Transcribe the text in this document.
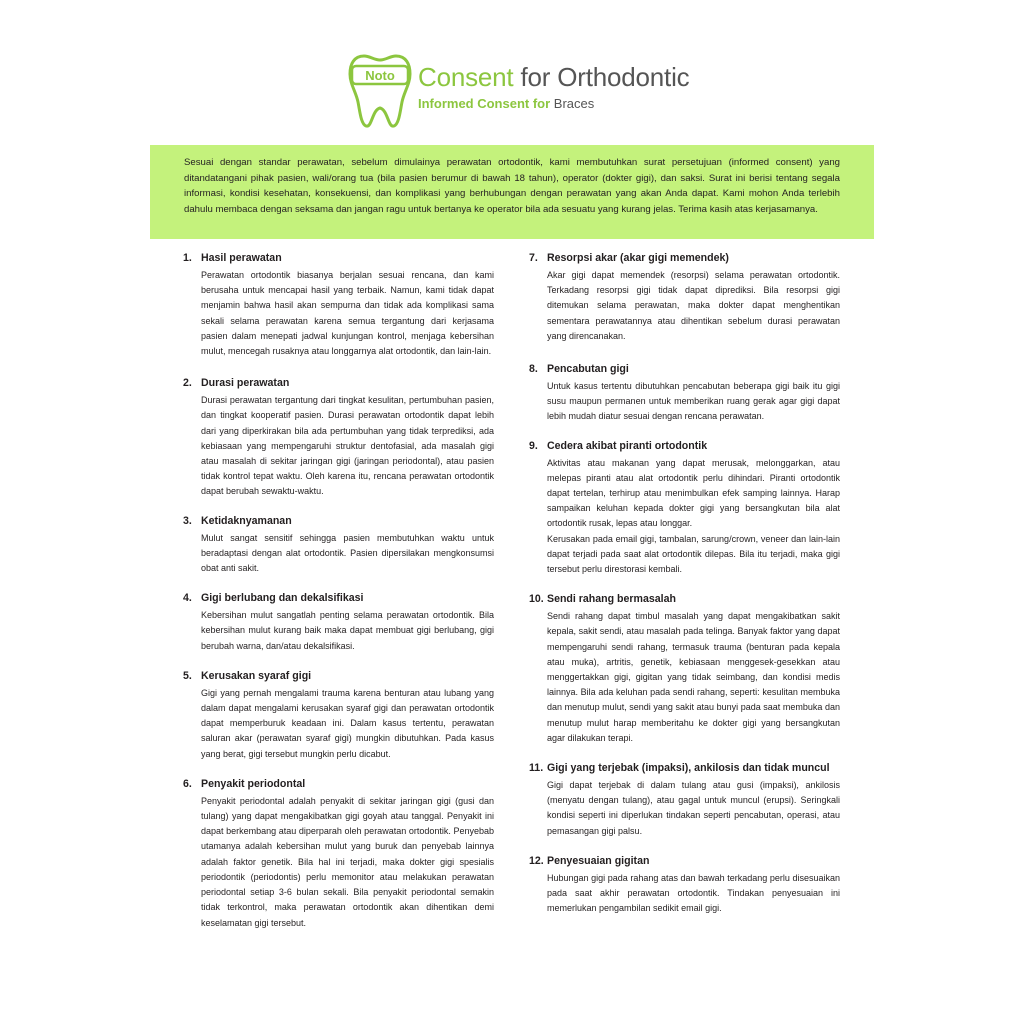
Noto Consent for Orthodontic
Informed Consent for Braces
Sesuai dengan standar perawatan, sebelum dimulainya perawatan ortodontik, kami membutuhkan surat persetujuan (informed consent) yang ditandatangani pihak pasien, wali/orang tua (bila pasien berumur di bawah 18 tahun), operator (dokter gigi), dan saksi. Surat ini berisi tentang segala informasi, kondisi kesehatan, konsekuensi, dan komplikasi yang berhubungan dengan perawatan yang akan Anda dapat. Kami mohon Anda terlebih dahulu membaca dengan seksama dan jangan ragu untuk bertanya ke operator bila ada sesuatu yang kurang jelas. Terima kasih atas kerjasamanya.
1. Hasil perawatan

Perawatan ortodontik biasanya berjalan sesuai rencana, dan kami berusaha untuk mencapai hasil yang terbaik. Namun, kami tidak dapat menjamin bahwa hasil akan sempurna dan tidak ada komplikasi sama sekali selama perawatan karena semua tergantung dari kerjasama pasien dalam menepati jadwal kunjungan kontrol, menjaga kebersihan mulut, mencegah rusaknya atau longgarnya alat ortodontik, dan lain-lain.

2. Durasi perawatan

Durasi perawatan tergantung dari tingkat kesulitan, pertumbuhan pasien, dan tingkat kooperatif pasien. Durasi perawatan ortodontik dapat lebih dari yang diperkirakan bila ada pertumbuhan yang tidak terprediksi, ada kebiasaan yang mempengaruhi struktur dentofasial, ada masalah gigi atau masalah di sekitar jaringan gigi (jaringan periodontal), atau pasien tidak kontrol tepat waktu. Oleh karena itu, rencana perawatan ortodontik dapat berubah sewaktu-waktu.

3. Ketidaknyamanan

Mulut sangat sensitif sehingga pasien membutuhkan waktu untuk beradaptasi dengan alat ortodontik. Pasien dipersilakan mengkonsumsi obat anti sakit.

4. Gigi berlubang dan dekalsifikasi

Kebersihan mulut sangatlah penting selama perawatan ortodontik. Bila kebersihan mulut kurang baik maka dapat membuat gigi berlubang, gigi berubah warna, dan/atau dekalsifikasi.

5. Kerusakan syaraf gigi

Gigi yang pernah mengalami trauma karena benturan atau lubang yang dalam dapat mengalami kerusakan syaraf gigi dan perawatan ortodontik dapat memperburuk keadaan ini. Dalam kasus tertentu, perawatan saluran akar (perawatan syaraf gigi) mungkin dibutuhkan. Pada kasus yang berat, gigi tersebut mungkin perlu dicabut.

6. Penyakit periodontal

Penyakit periodontal adalah penyakit di sekitar jaringan gigi (gusi dan tulang) yang dapat mengakibatkan gigi goyah atau tanggal. Penyakit ini dapat berkembang atau diperparah oleh perawatan ortodontik. Penyebab utamanya adalah kebersihan mulut yang buruk dan penyebab lainnya adalah faktor genetik. Bila hal ini terjadi, maka dokter gigi spesialis periodontik (periodontis) perlu memonitor atau melakukan perawatan periodontal setiap 3-6 bulan sekali. Bila penyakit periodontal semakin tidak terkontrol, maka perawatan ortodontik akan dihentikan demi keselamatan gigi tersebut.

7. Resorpsi akar (akar gigi memendek)

Akar gigi dapat memendek (resorpsi) selama perawatan ortodontik. Terkadang resorpsi gigi tidak dapat diprediksi. Bila resorpsi gigi ditemukan selama perawatan, maka dokter dapat menghentikan sementara perawatannya atau dihentikan sebelum durasi perawatan yang direncanakan.

8. Pencabutan gigi

Untuk kasus tertentu dibutuhkan pencabutan beberapa gigi baik itu gigi susu maupun permanen untuk memberikan ruang gerak agar gigi dapat lebih mudah diatur sesuai dengan rencana perawatan.

9. Cedera akibat piranti ortodontik

Aktivitas atau makanan yang dapat merusak, melonggarkan, atau melepas piranti atau alat ortodontik perlu dihindari. Piranti ortodontik dapat tertelan, terhirup atau menimbulkan efek samping lainnya. Harap sampaikan keluhan kepada dokter gigi yang bersangkutan bila alat ortodontik rusak, lepas atau longgar.

Kerusakan pada email gigi, tambalan, sarung/crown, veneer dan lain-lain dapat terjadi pada saat alat ortodontik dilepas. Bila itu terjadi, maka gigi tersebut perlu direstorasi kembali.

10. Sendi rahang bermasalah

Sendi rahang dapat timbul masalah yang dapat mengakibatkan sakit kepala, sakit sendi, atau masalah pada telinga. Banyak faktor yang dapat mempengaruhi sendi rahang, termasuk trauma (benturan pada kepala atau muka), artritis, genetik, kebiasaan menggesek-gesekkan atau menggertakkan gigi, gigitan yang tidak seimbang, dan kondisi medis lainnya. Bila ada keluhan pada sendi rahang, seperti: kesulitan membuka dan menutup mulut, sendi yang sakit atau bunyi pada saat membuka dan menutup mulut harap memberitahu ke dokter gigi yang bersangkutan agar dilakukan terapi.

11. Gigi yang terjebak (impaksi), ankilosis dan tidak muncul

Gigi dapat terjebak di dalam tulang atau gusi (impaksi), ankilosis (menyatu dengan tulang), atau gagal untuk muncul (erupsi). Seringkali kondisi seperti ini diperlukan tindakan seperti pencabutan, operasi, atau pemasangan gigi palsu.

12. Penyesuaian gigitan

Hubungan gigi pada rahang atas dan bawah terkadang perlu disesuaikan pada saat akhir perawatan ortodontik. Tindakan penyesuaian ini memerlukan pengambilan sedikit email gigi.
